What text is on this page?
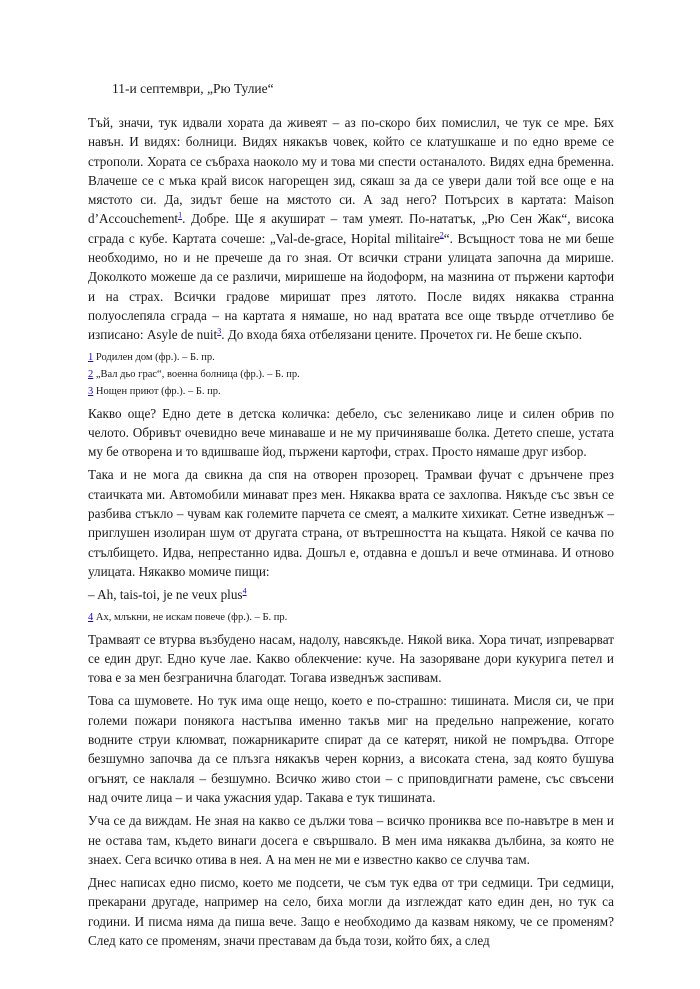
11-и септември, „Рю Тулие“

Тъй, значи, тук идвали хората да живеят – аз по-скоро бих помислил, че тук се мре. Бях навън. И видях: болници. Видях някакъв човек, който се клатушкаше и по едно време се строполи. Хората се събраха наоколо му и това ми спести останалото. Видях една бременна. Влачеше се с мъка край висок нагорещен зид, сякаш за да се увери дали той все още е на мястото си. Да, зидът беше на мястото си. А зад него? Потърсих в картата: Maison d’Accouchement$^1$. Добре. Ще я акушират – там умеят. По-нататък, „Рю Сен Жак“, висока сграда с кубе. Картата сочеше: „Val-de-grace, Hopital militaire$^2$“. Всъщност това не ми беше необходимо, но и не пречеше да го зная. От всички страни улицата започна да мирише. Доколкото можеше да се различи, миришеше на йодоформ, на мазнина от пържени картофи и на страх. Всички градове миришат през лятото. После видях някаква странна полуослепяла сграда – на картата я нямаше, но над вратата все още твърде отчетливо бе изписано: Asyle de nuit$^3$. До входа бяха отбелязани цените. Прочетох ги. Не беше скъпо.

1 Родилен дом (фр.). – Б. пр.
2 „Вал дьо грас“, военна болница (фр.). – Б. пр.
3 Нощен приют (фр.). – Б. пр.

Какво още? Едно дете в детска количка: дебело, със зеленикаво лице и силен обрив по челото. Обривът очевидно вече минаваше и не му причиняваше болка. Детето спеше, устата му бе отворена и то вдишваше йод, пържени картофи, страх. Просто нямаше друг избор.

Така и не мога да свикна да спя на отворен прозорец. Трамваи фучат с дрънчене през стаичката ми. Автомобили минават през мен. Някаква врата се захлопва. Някъде със звън се разбива стъкло – чувам как големите парчета се смеят, а малките хихикат. Сетне изведнъж – приглушен изолиран шум от другата страна, от вътрешността на къщата. Някой се качва по стълбището. Идва, непрестанно идва. Дошъл е, отдавна е дошъл и вече отминава. И отново улицата. Някакво момиче пищи:

– Ah, tais-toi, je ne veux plus$^4$

4 Ах, млъкни, не искам повече (фр.). – Б. пр.

Трамваят се втурва възбудено насам, надолу, навсякъде. Някой вика. Хора тичат, изпреварват се един друг. Едно куче лае. Какво облекчение: куче. На зазоряване дори кукурига петел и това е за мен безгранична благодат. Тогава изведнъж заспивам.

Това са шумовете. Но тук има още нещо, което е по-страшно: тишината. Мисля си, че при големи пожари понякога настъпва именно такъв миг на предельно напрежение, когато водните струи клюмват, пожарникарите спират да се катерят, никой не помръдва. Отгоре безшумно започва да се плъзга някакъв черен корниз, а високата стена, зад която бушува огънят, се наклаля – безшумно. Всичко живо стои – с приповдигнати рамене, със свъсени над очите лица – и чака ужасния удар. Такава е тук тишината.

Уча се да виждам. Не зная на какво се дължи това – всичко прониква все по-навътре в мен и не остава там, където винаги досега е свършвало. В мен има някаква дълбина, за която не знаех. Сега всичко отива в нея. А на мен не ми е известно какво се случва там.

Днес написах едно писмо, което ме подсети, че съм тук едва от три седмици. Три седмици, прекарани другаде, например на село, биха могли да изглеждат като един ден, но тук са години. И писма няма да пиша вече. Защо е необходимо да казвам някому, че се променям? След като се променям, значи преставам да бъда този, който бях, а след
